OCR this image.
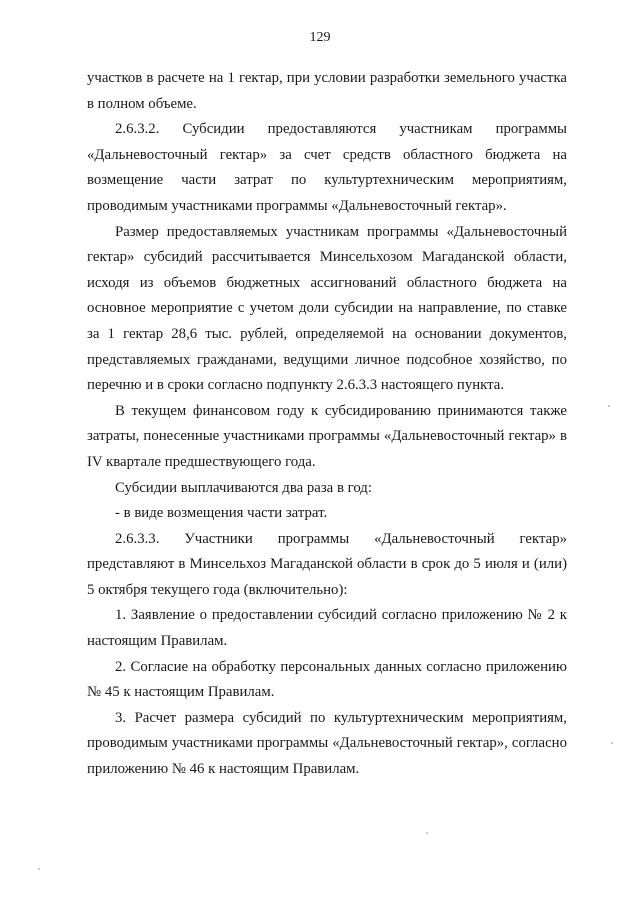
129

участков в расчете на 1 гектар, при условии разработки земельного участка в полном объеме.

2.6.3.2. Субсидии предоставляются участникам программы «Дальневосточный гектар» за счет средств областного бюджета на возмещение части затрат по культуртехническим мероприятиям, проводимым участниками программы «Дальневосточный гектар».

Размер предоставляемых участникам программы «Дальневосточный гектар» субсидий рассчитывается Минсельхозом Магаданской области, исходя из объемов бюджетных ассигнований областного бюджета на основное мероприятие с учетом доли субсидии на направление, по ставке за 1 гектар 28,6 тыс. рублей, определяемой на основании документов, представляемых гражданами, ведущими личное подсобное хозяйство, по перечню и в сроки согласно подпункту 2.6.3.3 настоящего пункта.

В текущем финансовом году к субсидированию принимаются также затраты, понесенные участниками программы «Дальневосточный гектар» в IV квартале предшествующего года.

Субсидии выплачиваются два раза в год:

- в виде возмещения части затрат.

2.6.3.3. Участники программы «Дальневосточный гектар» представляют в Минсельхоз Магаданской области в срок до 5 июля и (или) 5 октября текущего года (включительно):

1. Заявление о предоставлении субсидий согласно приложению № 2 к настоящим Правилам.

2. Согласие на обработку персональных данных согласно приложению № 45 к настоящим Правилам.

3. Расчет размера субсидий по культуртехническим мероприятиям, проводимым участниками программы «Дальневосточный гектар», согласно приложению № 46 к настоящим Правилам.
